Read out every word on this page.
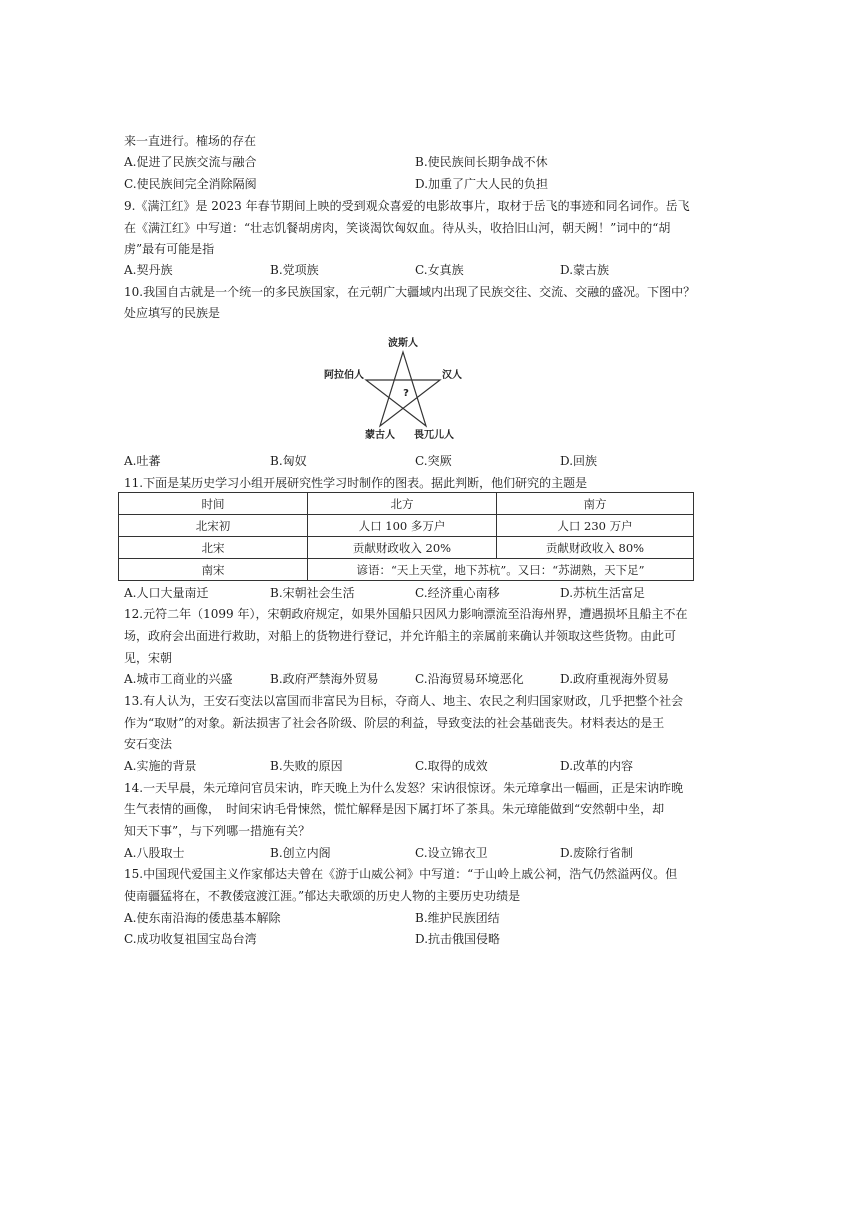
来一直进行。榷场的存在
A.促进了民族交流与融合	B.使民族间长期争战不休
C.使民族间完全消除隔阂	D.加重了广大人民的负担
9.《满江红》是 2023 年春节期间上映的受到观众喜爱的电影故事片，取材于岳飞的事迹和同名词作。岳飞
在《满江红》中写道：“壮志饥餐胡虏肉，笑谈渴饮匈奴血。待从头，收拾旧山河，朝天阙！”词中的“胡
虏”最有可能是指
A.契丹族	B.党项族	C.女真族	D.蒙古族
10.我国自古就是一个统一的多民族国家，在元朝广大疆域内出现了民族交往、交流、交融的盛况。下图中？
处应填写的民族是
波斯人
阿拉伯人	汉人
蒙古人 畏兀儿人
?
A.吐蕃	B.匈奴	C.突厥	D.回族
11.下面是某历史学习小组开展研究性学习时制作的图表。据此判断，他们研究的主题是
时间	北方	南方
北宋初	人口 100 多万户	人口 230 万户
北宋	贡献财政收入 20%	贡献财政收入 80%
南宋	谚语：“天上天堂，地下苏杭”。又曰：“苏湖熟，天下足”	
A.人口大量南迁	B.宋朝社会生活	C.经济重心南移	D.苏杭生活富足
12.元符二年（1099 年），宋朝政府规定，如果外国船只因风力影响漂流至沿海州界，遭遇损坏且船主不在
场，政府会出面进行救助，对船上的货物进行登记，并允许船主的亲属前来确认并领取这些货物。由此可
见，宋朝
A.城市工商业的兴盛	B.政府严禁海外贸易	C.沿海贸易环境恶化	D.政府重视海外贸易
13.有人认为，王安石变法以富国而非富民为目标，夺商人、地主、农民之利归国家财政，几乎把整个社会
作为“取财”的对象。新法损害了社会各阶级、阶层的利益，导致变法的社会基础丧失。材料表达的是王
安石变法
A.实施的背景	B.失败的原因	C.取得的成效	D.改革的内容
14.一天早晨，朱元璋问官员宋讷，昨天晚上为什么发怒？宋讷很惊讶。朱元璋拿出一幅画，正是宋讷昨晚
生气表情的画像，　时间宋讷毛骨悚然，慌忙解释是因下属打坏了茶具。朱元璋能做到“安然朝中坐，却
知天下事”，与下列哪一措施有关？
A.八股取士	B.创立内阁	C.设立锦衣卫	D.废除行省制
15.中国现代爱国主义作家郁达夫曾在《游于山威公祠》中写道：“于山岭上戚公祠，浩气仍然溢两仪。但
使南疆猛将在，不教倭寇渡江涯。”郁达夫歌颂的历史人物的主要历史功绩是
A.使东南沿海的倭患基本解除	B.维护民族团结
C.成功收复祖国宝岛台湾	D.抗击俄国侵略
